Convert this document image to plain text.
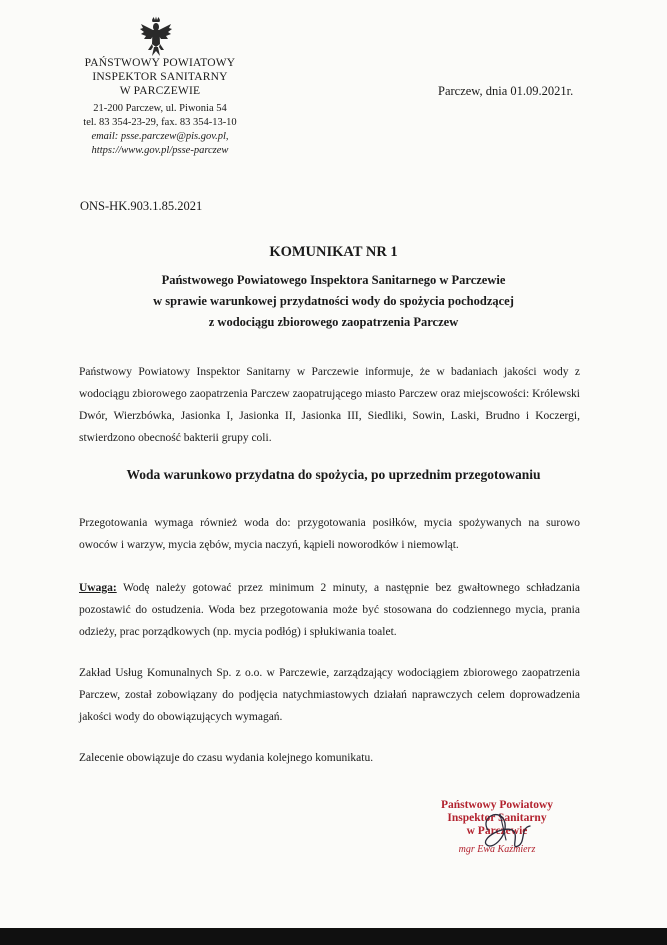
PAŃSTWOWY POWIATOWY
INSPEKTOR SANITARNY
W PARCZEWIE
21-200 Parczew, ul. Piwonia 54
tel. 83 354-23-29, fax. 83 354-13-10
email: psse.parczew@pis.gov.pl,
https://www.gov.pl/psse-parczew
Parczew, dnia 01.09.2021r.
ONS-HK.903.1.85.2021
KOMUNIKAT NR 1
Państwowego Powiatowego Inspektora Sanitarnego w Parczewie
w sprawie warunkowej przydatności wody do spożycia pochodzącej
z wodociągu zbiorowego zaopatrzenia Parczew
Państwowy Powiatowy Inspektor Sanitarny w Parczewie informuje, że w badaniach jakości wody z wodociągu zbiorowego zaopatrzenia Parczew zaopatrującego miasto Parczew oraz miejscowości: Królewski Dwór, Wierzbówka, Jasionka I, Jasionka II, Jasionka III, Siedliki, Sowin, Laski, Brudno i Koczergi, stwierdzono obecność bakterii grupy coli.
Woda warunkowo przydatna do spożycia, po uprzednim przegotowaniu
Przegotowania wymaga również woda do: przygotowania posiłków, mycia spożywanych na surowo owoców i warzyw, mycia zębów, mycia naczyń, kąpieli noworodków i niemowląt.
Uwaga: Wodę należy gotować przez minimum 2 minuty, a następnie bez gwałtownego schładzania pozostawić do ostudzenia. Woda bez przegotowania może być stosowana do codziennego mycia, prania odzieży, prac porządkowych (np. mycia podłóg) i spłukiwania toalet.
Zakład Usług Komunalnych Sp. z o.o. w Parczewie, zarządzający wodociągiem zbiorowego zaopatrzenia Parczew, został zobowiązany do podjęcia natychmiastowych działań naprawczych celem doprowadzenia jakości wody do obowiązujących wymagań.
Zalecenie obowiązuje do czasu wydania kolejnego komunikatu.
Państwowy Powiatowy
Inspektor Sanitarny
w Parczewie
mgr Ewa Kaźmierz
